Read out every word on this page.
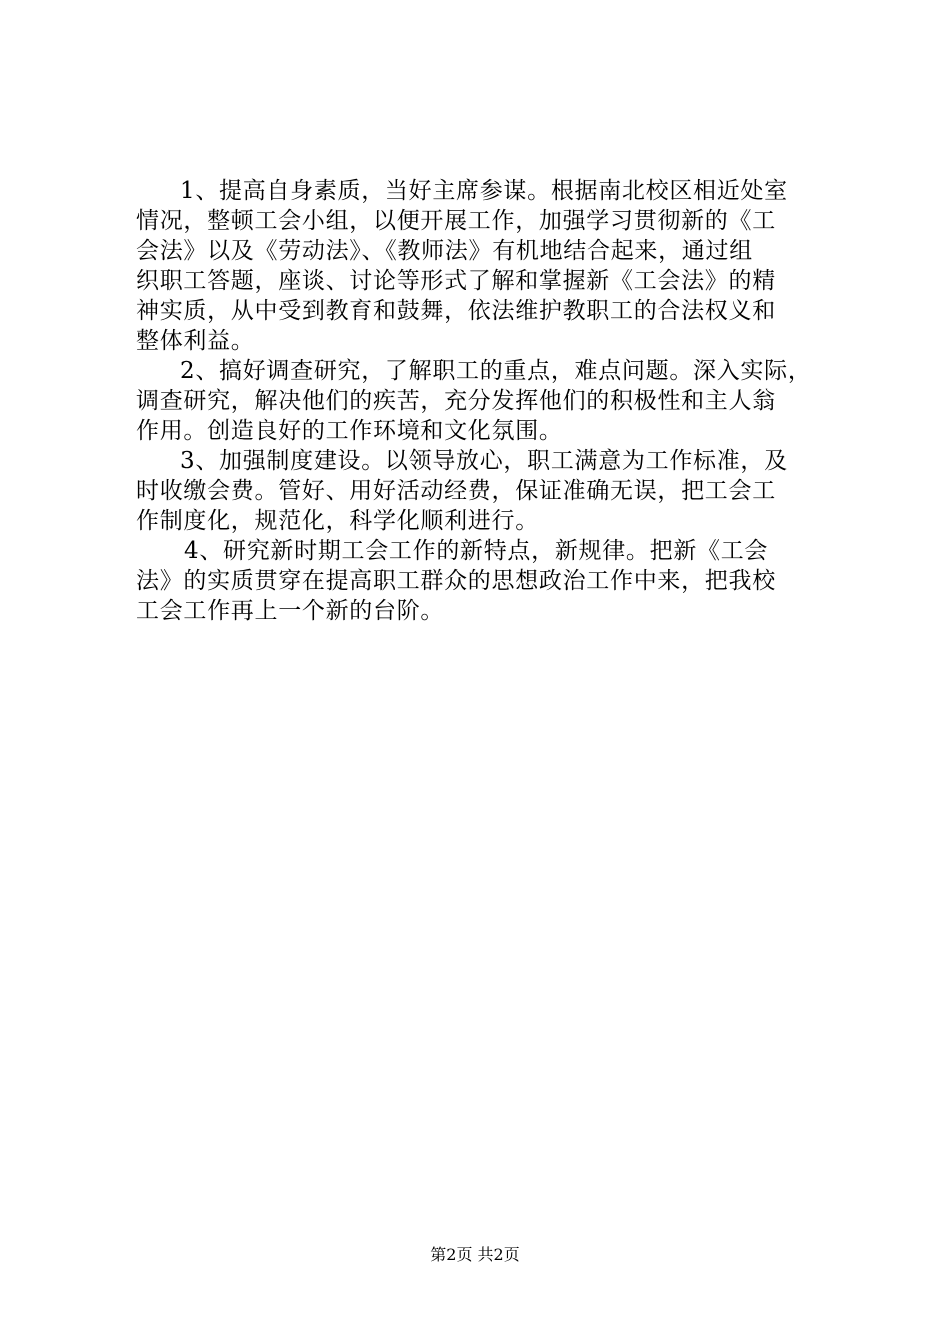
1、提高自身素质，当好主席参谋。根据南北校区相近处室
情况，整顿工会小组，以便开展工作，加强学习贯彻新的《工
会法》以及《劳动法》、《教师法》有机地结合起来，通过组
织职工答题，座谈、讨论等形式了解和掌握新《工会法》的精
神实质，从中受到教育和鼓舞，依法维护教职工的合法权义和
整体利益。
2、搞好调查研究，了解职工的重点，难点问题。深入实际，
调查研究，解决他们的疾苦，充分发挥他们的积极性和主人翁
作用。创造良好的工作环境和文化氛围。
3、加强制度建设。以领导放心，职工满意为工作标准，及
时收缴会费。管好、用好活动经费，保证准确无误，把工会工
作制度化，规范化，科学化顺利进行。
4、研究新时期工会工作的新特点，新规律。把新《工会
法》的实质贯穿在提高职工群众的思想政治工作中来，把我校
工会工作再上一个新的台阶。
第2页 共2页
